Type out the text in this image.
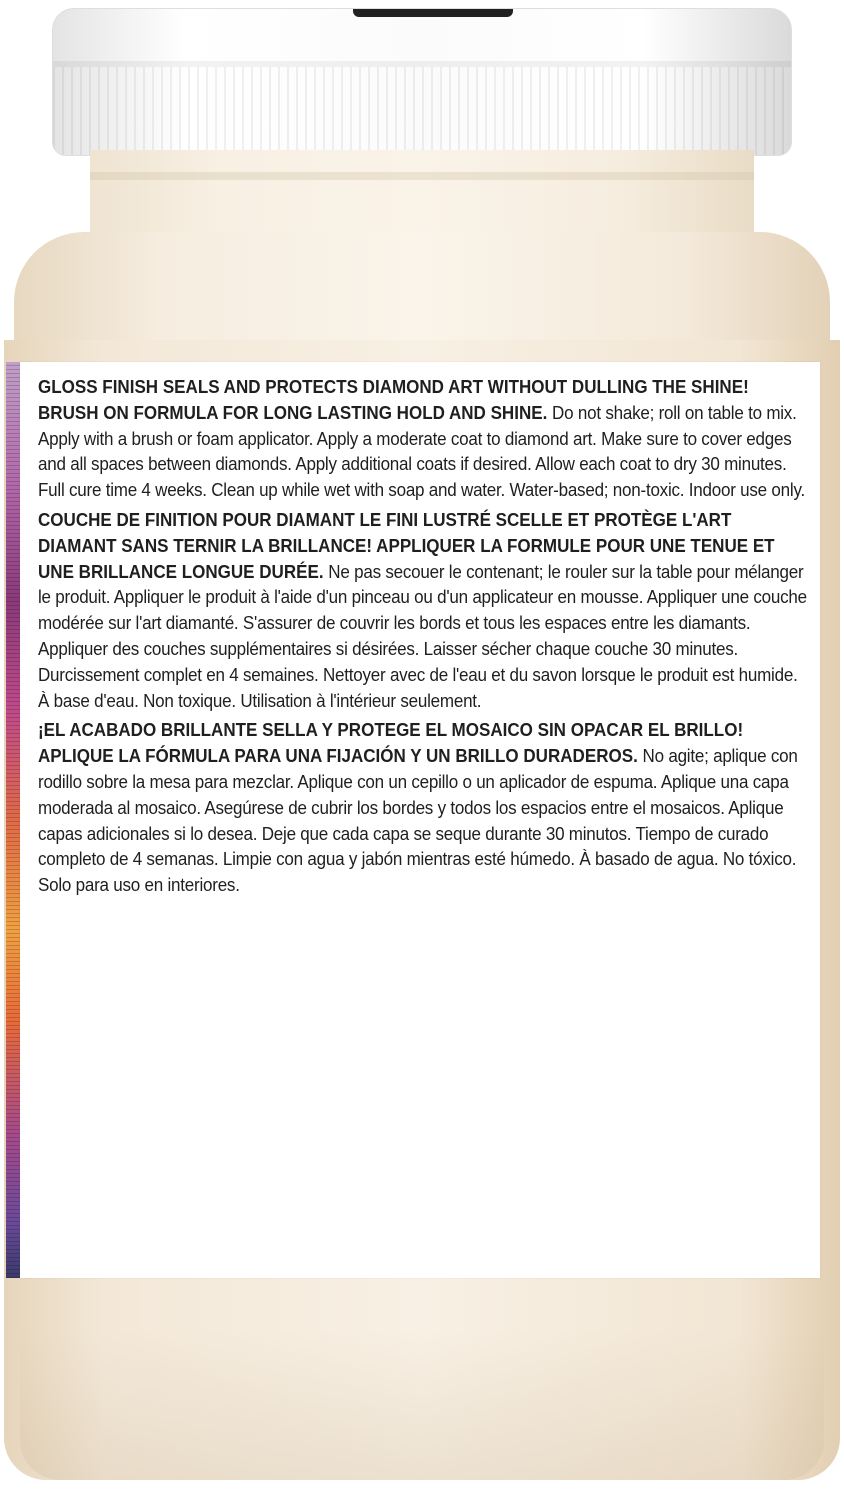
GLOSS FINISH SEALS AND PROTECTS DIAMOND ART WITHOUT DULLING THE SHINE! BRUSH ON FORMULA FOR LONG LASTING HOLD AND SHINE. Do not shake; roll on table to mix. Apply with a brush or foam applicator. Apply a moderate coat to diamond art. Make sure to cover edges and all spaces between diamonds. Apply additional coats if desired. Allow each coat to dry 30 minutes. Full cure time 4 weeks. Clean up while wet with soap and water. Water-based; non-toxic. Indoor use only.

COUCHE DE FINITION POUR DIAMANT LE FINI LUSTRÉ SCELLE ET PROTÈGE L'ART DIAMANT SANS TERNIR LA BRILLANCE! APPLIQUER LA FORMULE POUR UNE TENUE ET UNE BRILLANCE LONGUE DURÉE. Ne pas secouer le contenant; le rouler sur la table pour mélanger le produit. Appliquer le produit à l'aide d'un pinceau ou d'un applicateur en mousse. Appliquer une couche modérée sur l'art diamanté. S'assurer de couvrir les bords et tous les espaces entre les diamants. Appliquer des couches supplémentaires si désirées. Laisser sécher chaque couche 30 minutes. Durcissement complet en 4 semaines. Nettoyer avec de l'eau et du savon lorsque le produit est humide. À base d'eau. Non toxique. Utilisation à l'intérieur seulement.

¡EL ACABADO BRILLANTE SELLA Y PROTEGE EL MOSAICO SIN OPACAR EL BRILLO! APLIQUE LA FÓRMULA PARA UNA FIJACIÓN Y UN BRILLO DURADEROS. No agite; aplique con rodillo sobre la mesa para mezclar. Aplique con un cepillo o un aplicador de espuma. Aplique una capa moderada al mosaico. Asegúrese de cubrir los bordes y todos los espacios entre el mosaicos. Aplique capas adicionales si lo desea. Deje que cada capa se seque durante 30 minutos. Tiempo de curado completo de 4 semanas. Limpie con agua y jabón mientras esté húmedo. À basado de agua. No tóxico. Solo para uso en interiores.
